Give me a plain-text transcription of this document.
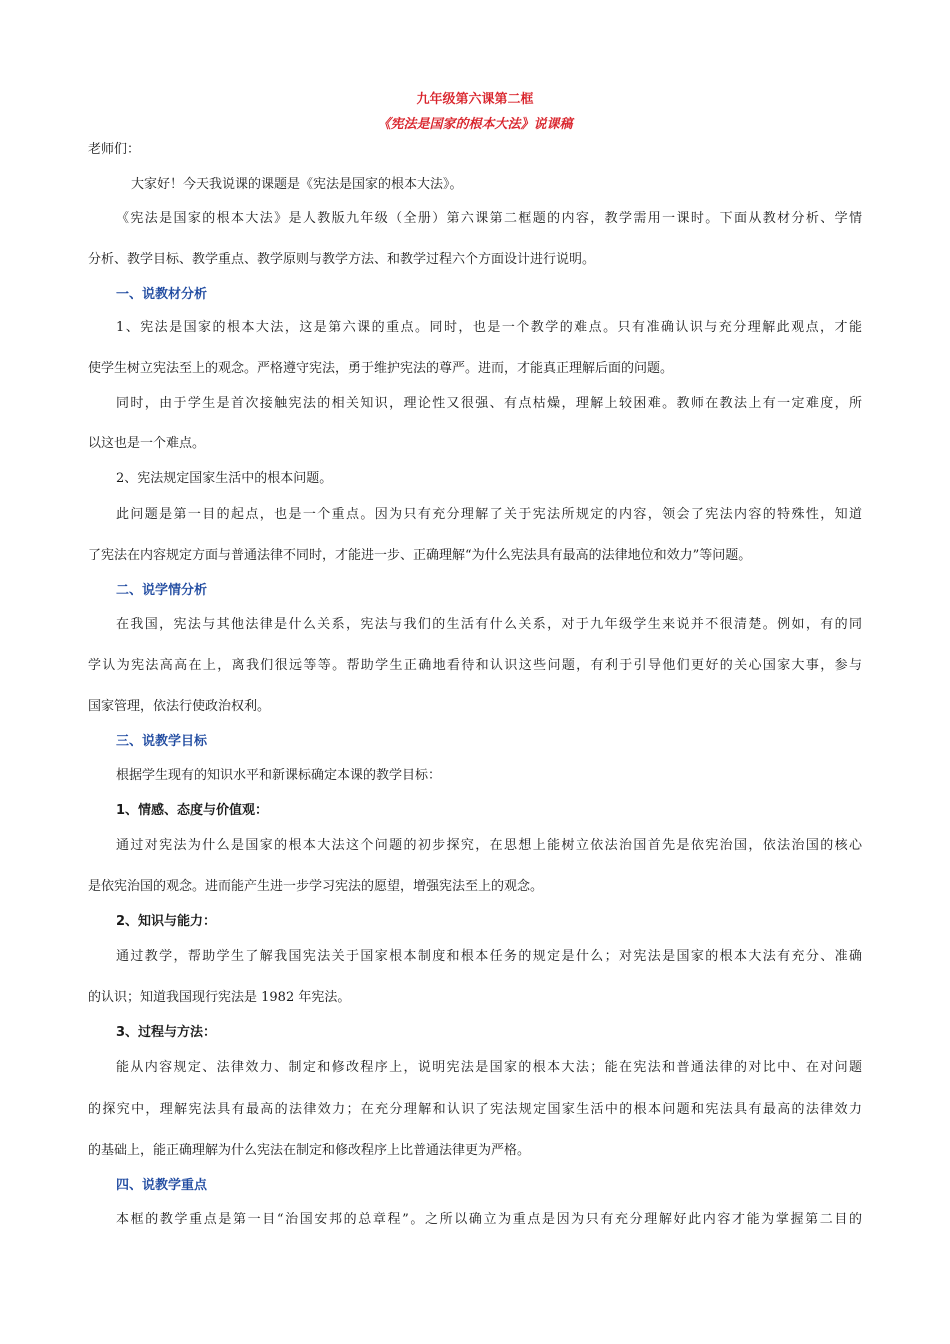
九年级第六课第二框
《宪法是国家的根本大法》说课稿
老师们：
大家好！今天我说课的课题是《宪法是国家的根本大法》。
《宪法是国家的根本大法》是人教版九年级（全册）第六课第二框题的内容，教学需用一课时。下面从教材分析、学情
分析、教学目标、教学重点、教学原则与教学方法、和教学过程六个方面设计进行说明。
一、说教材分析
1、宪法是国家的根本大法，这是第六课的重点。同时，也是一个教学的难点。只有准确认识与充分理解此观点，才能
使学生树立宪法至上的观念。严格遵守宪法，勇于维护宪法的尊严。进而，才能真正理解后面的问题。
同时，由于学生是首次接触宪法的相关知识，理论性又很强、有点枯燥，理解上较困难。教师在教法上有一定难度，所
以这也是一个难点。
2、宪法规定国家生活中的根本问题。
此问题是第一目的起点，也是一个重点。因为只有充分理解了关于宪法所规定的内容，领会了宪法内容的特殊性，知道
了宪法在内容规定方面与普通法律不同时，才能进一步、正确理解“为什么宪法具有最高的法律地位和效力”等问题。
二、说学情分析
在我国，宪法与其他法律是什么关系，宪法与我们的生活有什么关系，对于九年级学生来说并不很清楚。例如，有的同
学认为宪法高高在上，离我们很远等等。帮助学生正确地看待和认识这些问题，有利于引导他们更好的关心国家大事，参与
国家管理，依法行使政治权利。
三、说教学目标
根据学生现有的知识水平和新课标确定本课的教学目标：
1、情感、态度与价值观：
通过对宪法为什么是国家的根本大法这个问题的初步探究，在思想上能树立依法治国首先是依宪治国，依法治国的核心
是依宪治国的观念。进而能产生进一步学习宪法的愿望，增强宪法至上的观念。
2、知识与能力：
通过教学，帮助学生了解我国宪法关于国家根本制度和根本任务的规定是什么；对宪法是国家的根本大法有充分、准确
的认识；知道我国现行宪法是 1982 年宪法。
3、过程与方法：
能从内容规定、法律效力、制定和修改程序上，说明宪法是国家的根本大法；能在宪法和普通法律的对比中、在对问题
的探究中，理解宪法具有最高的法律效力；在充分理解和认识了宪法规定国家生活中的根本问题和宪法具有最高的法律效力
的基础上，能正确理解为什么宪法在制定和修改程序上比普通法律更为严格。
四、说教学重点
本框的教学重点是第一目“治国安邦的总章程”。之所以确立为重点是因为只有充分理解好此内容才能为掌握第二目的
